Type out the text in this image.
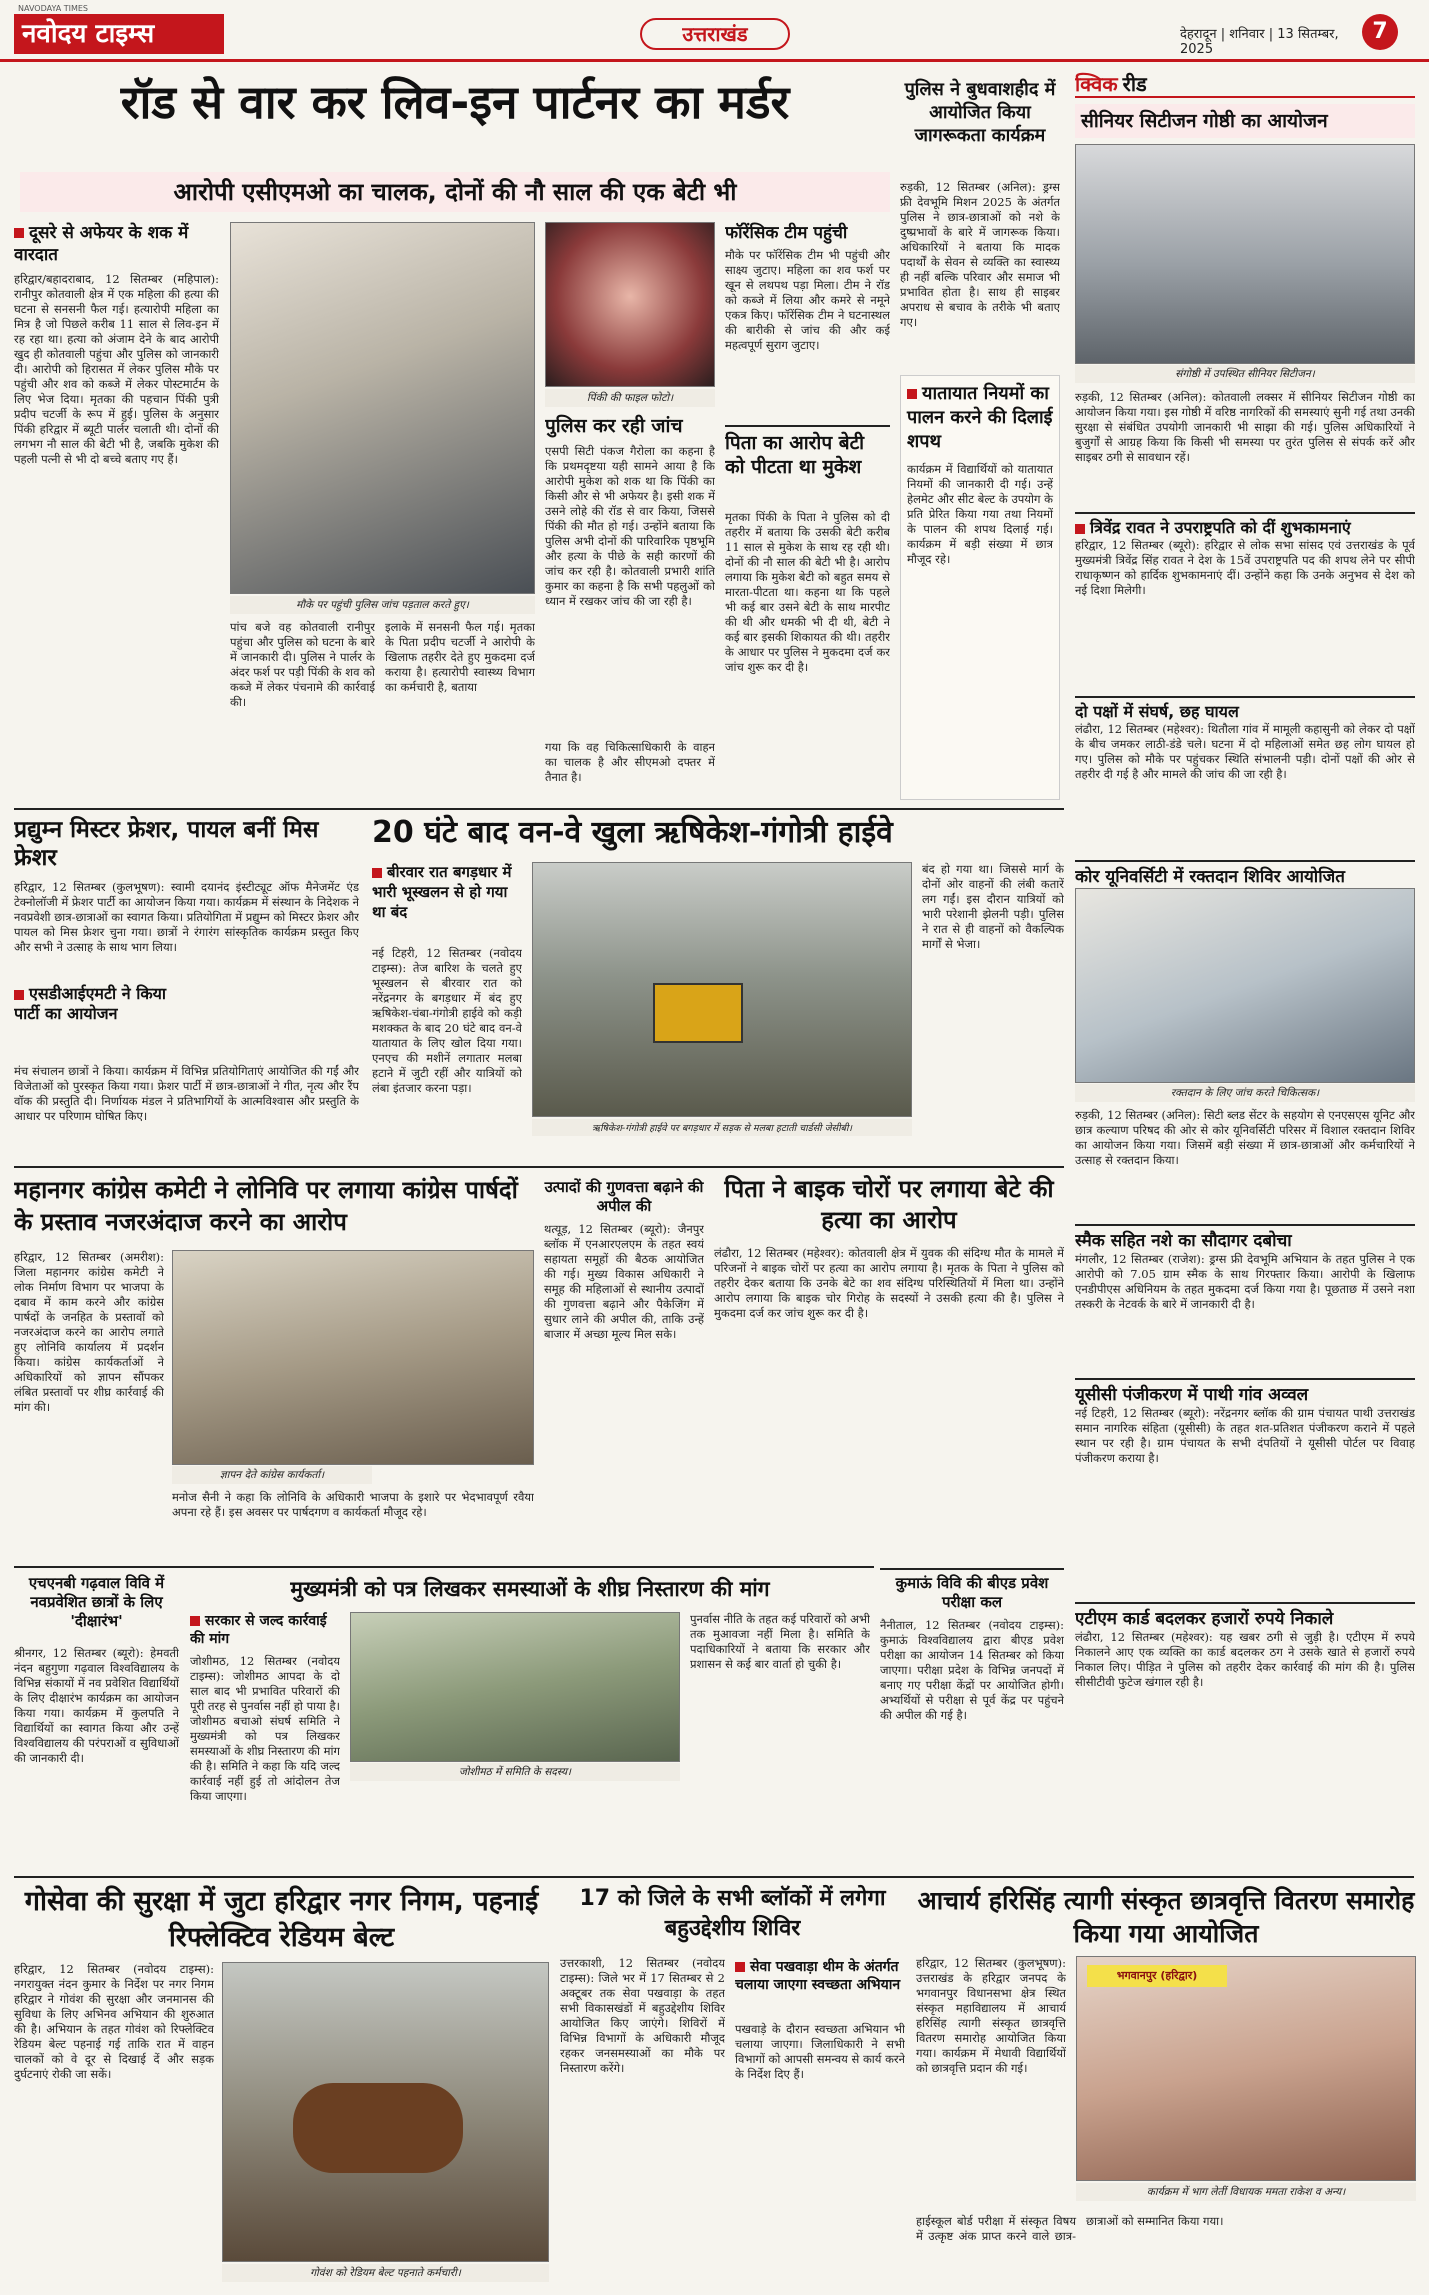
NAVODAYA TIMES
नवोदय टाइम्स	उत्तराखंड	देहरादून | शनिवार | 13 सितम्बर, 2025
7
रॉड से वार कर लिव-इन पार्टनर का मर्डर
आरोपी एसीएमओ का चालक, दोनों की नौ साल की एक बेटी भी
दूसरे से अफेयर के शक में वारदात
हरिद्वार/बहादराबाद, 12 सितम्बर (महिपाल): रानीपुर कोतवाली क्षेत्र में एक महिला की हत्या की घटना से सनसनी फैल गई। हत्यारोपी महिला का मित्र है जो पिछले करीब 11 साल से लिव-इन में रह रहा था। हत्या को अंजाम देने के बाद आरोपी खुद ही कोतवाली पहुंचा और पुलिस को जानकारी दी। आरोपी को हिरासत में लेकर पुलिस मौके पर पहुंची और शव को कब्जे में लेकर पोस्टमार्टम के लिए भेज दिया। मृतका की पहचान पिंकी पुत्री प्रदीप चटर्जी के रूप में हुई। पुलिस के अनुसार पिंकी हरिद्वार में ब्यूटी पार्लर चलाती थी। दोनों की लगभग नौ साल की बेटी भी है, जबकि मुकेश की पहली पत्नी से भी दो बच्चे बताए गए हैं।
मौके पर पहुंची पुलिस जांच पड़ताल करते हुए।
पांच बजे वह कोतवाली रानीपुर पहुंचा और पुलिस को घटना के बारे में जानकारी दी। पुलिस ने पार्लर के अंदर फर्श पर पड़ी पिंकी के शव को कब्जे में लेकर पंचनामे की कार्रवाई की।
इलाके में सनसनी फैल गई। मृतका के पिता प्रदीप चटर्जी ने आरोपी के खिलाफ तहरीर देते हुए मुकदमा दर्ज कराया है। हत्यारोपी स्वास्थ्य विभाग का कर्मचारी है, बताया
पिंकी की फाइल फोटो।
पुलिस कर रही जांच
एसपी सिटी पंकज गैरोला का कहना है कि प्रथमदृष्टया यही सामने आया है कि आरोपी मुकेश को शक था कि पिंकी का किसी और से भी अफेयर है। इसी शक में उसने लोहे की रॉड से वार किया, जिससे पिंकी की मौत हो गई। उन्होंने बताया कि पुलिस अभी दोनों की पारिवारिक पृष्ठभूमि और हत्या के पीछे के सही कारणों की जांच कर रही है। कोतवाली प्रभारी शांति कुमार का कहना है कि सभी पहलुओं को ध्यान में रखकर जांच की जा रही है।
गया कि वह चिकित्साधिकारी के वाहन का चालक है और सीएमओ दफ्तर में तैनात है।
फॉरेंसिक टीम पहुंची
मौके पर फॉरेंसिक टीम भी पहुंची और साक्ष्य जुटाए। महिला का शव फर्श पर खून से लथपथ पड़ा मिला। टीम ने रॉड को कब्जे में लिया और कमरे से नमूने एकत्र किए। फॉरेंसिक टीम ने घटनास्थल की बारीकी से जांच की और कई महत्वपूर्ण सुराग जुटाए।
पिता का आरोप बेटी को पीटता था मुकेश
मृतका पिंकी के पिता ने पुलिस को दी तहरीर में बताया कि उसकी बेटी करीब 11 साल से मुकेश के साथ रह रही थी। दोनों की नौ साल की बेटी भी है। आरोप लगाया कि मुकेश बेटी को बहुत समय से मारता-पीटता था। कहना था कि पहले भी कई बार उसने बेटी के साथ मारपीट की थी और धमकी भी दी थी, बेटी ने कई बार इसकी शिकायत की थी। तहरीर के आधार पर पुलिस ने मुकदमा दर्ज कर जांच शुरू कर दी है।
पुलिस ने बुधवाशहीद में आयोजित किया जागरूकता कार्यक्रम
रुड़की, 12 सितम्बर (अनिल): ड्रग्स फ्री देवभूमि मिशन 2025 के अंतर्गत पुलिस ने छात्र-छात्राओं को नशे के दुष्प्रभावों के बारे में जागरूक किया। अधिकारियों ने बताया कि मादक पदार्थों के सेवन से व्यक्ति का स्वास्थ्य ही नहीं बल्कि परिवार और समाज भी प्रभावित होता है। साथ ही साइबर अपराध से बचाव के तरीके भी बताए गए।
यातायात नियमों का पालन करने की दिलाई शपथ
कार्यक्रम में विद्यार्थियों को यातायात नियमों की जानकारी दी गई। उन्हें हेलमेट और सीट बेल्ट के उपयोग के प्रति प्रेरित किया गया तथा नियमों के पालन की शपथ दिलाई गई। कार्यक्रम में बड़ी संख्या में छात्र मौजूद रहे।
क्विक रीड
सीनियर सिटीजन गोष्ठी का आयोजन
संगोष्ठी में उपस्थित सीनियर सिटीजन।
रुड़की, 12 सितम्बर (अनिल): कोतवाली लक्सर में सीनियर सिटीजन गोष्ठी का आयोजन किया गया। इस गोष्ठी में वरिष्ठ नागरिकों की समस्याएं सुनी गई तथा उनकी सुरक्षा से संबंधित उपयोगी जानकारी भी साझा की गई। पुलिस अधिकारियों ने बुजुर्गों से आग्रह किया कि किसी भी समस्या पर तुरंत पुलिस से संपर्क करें और साइबर ठगी से सावधान रहें।
त्रिवेंद्र रावत ने उपराष्ट्रपति को दीं शुभकामनाएं
हरिद्वार, 12 सितम्बर (ब्यूरो): हरिद्वार से लोक सभा सांसद एवं उत्तराखंड के पूर्व मुख्यमंत्री त्रिवेंद्र सिंह रावत ने देश के 15वें उपराष्ट्रपति पद की शपथ लेने पर सीपी राधाकृष्णन को हार्दिक शुभकामनाएं दीं। उन्होंने कहा कि उनके अनुभव से देश को नई दिशा मिलेगी।
दो पक्षों में संघर्ष, छह घायल
लंढौरा, 12 सितम्बर (महेश्वर): थितौला गांव में मामूली कहासुनी को लेकर दो पक्षों के बीच जमकर लाठी-डंडे चले। घटना में दो महिलाओं समेत छह लोग घायल हो गए। पुलिस को मौके पर पहुंचकर स्थिति संभालनी पड़ी। दोनों पक्षों की ओर से तहरीर दी गई है और मामले की जांच की जा रही है।
कोर यूनिवर्सिटी में रक्तदान शिविर आयोजित
रक्तदान के लिए जांच करते चिकित्सक।
रुड़की, 12 सितम्बर (अनिल): सिटी ब्लड सेंटर के सहयोग से एनएसएस यूनिट और छात्र कल्याण परिषद की ओर से कोर यूनिवर्सिटी परिसर में विशाल रक्तदान शिविर का आयोजन किया गया। जिसमें बड़ी संख्या में छात्र-छात्राओं और कर्मचारियों ने उत्साह से रक्तदान किया।
स्मैक सहित नशे का सौदागर दबोचा
मंगलौर, 12 सितम्बर (राजेश): ड्रग्स फ्री देवभूमि अभियान के तहत पुलिस ने एक आरोपी को 7.05 ग्राम स्मैक के साथ गिरफ्तार किया। आरोपी के खिलाफ एनडीपीएस अधिनियम के तहत मुकदमा दर्ज किया गया है। पूछताछ में उसने नशा तस्करी के नेटवर्क के बारे में जानकारी दी है।
यूसीसी पंजीकरण में पाथी गांव अव्वल
नई टिहरी, 12 सितम्बर (ब्यूरो): नरेंद्रनगर ब्लॉक की ग्राम पंचायत पाथी उत्तराखंड समान नागरिक संहिता (यूसीसी) के तहत शत-प्रतिशत पंजीकरण कराने में पहले स्थान पर रही है। ग्राम पंचायत के सभी दंपतियों ने यूसीसी पोर्टल पर विवाह पंजीकरण कराया है।
एटीएम कार्ड बदलकर हजारों रुपये निकाले
लंढौरा, 12 सितम्बर (महेश्वर): यह खबर ठगी से जुड़ी है। एटीएम में रुपये निकालने आए एक व्यक्ति का कार्ड बदलकर ठग ने उसके खाते से हजारों रुपये निकाल लिए। पीड़ित ने पुलिस को तहरीर देकर कार्रवाई की मांग की है। पुलिस सीसीटीवी फुटेज खंगाल रही है।
प्रद्युम्न मिस्टर फ्रेशर, पायल बनीं मिस फ्रेशर
हरिद्वार, 12 सितम्बर (कुलभूषण): स्वामी दयानंद इंस्टीट्यूट ऑफ मैनेजमेंट एंड टेक्नोलॉजी में फ्रेशर पार्टी का आयोजन किया गया। कार्यक्रम में संस्थान के निदेशक ने नवप्रवेशी छात्र-छात्राओं का स्वागत किया। प्रतियोगिता में प्रद्युम्न को मिस्टर फ्रेशर और पायल को मिस फ्रेशर चुना गया। छात्रों ने रंगारंग सांस्कृतिक कार्यक्रम प्रस्तुत किए और सभी ने उत्साह के साथ भाग लिया।
एसडीआईएमटी ने किया पार्टी का आयोजन
मंच संचालन छात्रों ने किया। कार्यक्रम में विभिन्न प्रतियोगिताएं आयोजित की गईं और विजेताओं को पुरस्कृत किया गया। फ्रेशर पार्टी में छात्र-छात्राओं ने गीत, नृत्य और रैंप वॉक की प्रस्तुति दी। निर्णायक मंडल ने प्रतिभागियों के आत्मविश्वास और प्रस्तुति के आधार पर परिणाम घोषित किए।
20 घंटे बाद वन-वे खुला ऋषिकेश-गंगोत्री हाईवे
बीरवार रात बगड़धार में भारी भूस्खलन से हो गया था बंद
नई टिहरी, 12 सितम्बर (नवोदय टाइम्स): तेज बारिश के चलते हुए भूस्खलन से बीरवार रात को नरेंद्रनगर के बगड़धार में बंद हुए ऋषिकेश-चंबा-गंगोत्री हाईवे को कड़ी मशक्कत के बाद 20 घंटे बाद वन-वे यातायात के लिए खोल दिया गया। एनएच की मशीनें लगातार मलबा हटाने में जुटी रहीं और यात्रियों को लंबा इंतजार करना पड़ा।
ऋषिकेश-गंगोत्री हाईवे पर बगड़धार में सड़क से मलबा हटाती चार्डसी जेसीबी।
बंद हो गया था। जिससे मार्ग के दोनों ओर वाहनों की लंबी कतारें लग गईं। इस दौरान यात्रियों को भारी परेशानी झेलनी पड़ी। पुलिस ने रात से ही वाहनों को वैकल्पिक मार्गों से भेजा।
महानगर कांग्रेस कमेटी ने लोनिवि पर लगाया कांग्रेस पार्षदों के प्रस्ताव नजरअंदाज करने का आरोप
हरिद्वार, 12 सितम्बर (अमरीश): जिला महानगर कांग्रेस कमेटी ने लोक निर्माण विभाग पर भाजपा के दबाव में काम करने और कांग्रेस पार्षदों के जनहित के प्रस्तावों को नजरअंदाज करने का आरोप लगाते हुए लोनिवि कार्यालय में प्रदर्शन किया। कांग्रेस कार्यकर्ताओं ने अधिकारियों को ज्ञापन सौंपकर लंबित प्रस्तावों पर शीघ्र कार्रवाई की मांग की।
ज्ञापन देते कांग्रेस कार्यकर्ता।
मनोज सैनी ने कहा कि लोनिवि के अधिकारी भाजपा के इशारे पर भेदभावपूर्ण रवैया अपना रहे हैं। इस अवसर पर पार्षदगण व कार्यकर्ता मौजूद रहे।
उत्पादों की गुणवत्ता बढ़ाने की अपील की
थत्यूड़, 12 सितम्बर (ब्यूरो): जैनपुर ब्लॉक में एनआरएलएम के तहत स्वयं सहायता समूहों की बैठक आयोजित की गई। मुख्य विकास अधिकारी ने समूह की महिलाओं से स्थानीय उत्पादों की गुणवत्ता बढ़ाने और पैकेजिंग में सुधार लाने की अपील की, ताकि उन्हें बाजार में अच्छा मूल्य मिल सके।
पिता ने बाइक चोरों पर लगाया बेटे की हत्या का आरोप
लंढौरा, 12 सितम्बर (महेश्वर): कोतवाली क्षेत्र में युवक की संदिग्ध मौत के मामले में परिजनों ने बाइक चोरों पर हत्या का आरोप लगाया है। मृतक के पिता ने पुलिस को तहरीर देकर बताया कि उनके बेटे का शव संदिग्ध परिस्थितियों में मिला था। उन्होंने आरोप लगाया कि बाइक चोर गिरोह के सदस्यों ने उसकी हत्या की है। पुलिस ने मुकदमा दर्ज कर जांच शुरू कर दी है।
कुमाऊं विवि की बीएड प्रवेश परीक्षा कल
नैनीताल, 12 सितम्बर (नवोदय टाइम्स): कुमाऊं विश्वविद्यालय द्वारा बीएड प्रवेश परीक्षा का आयोजन 14 सितम्बर को किया जाएगा। परीक्षा प्रदेश के विभिन्न जनपदों में बनाए गए परीक्षा केंद्रों पर आयोजित होगी। अभ्यर्थियों से परीक्षा से पूर्व केंद्र पर पहुंचने की अपील की गई है।
एचएनबी गढ़वाल विवि में नवप्रवेशित छात्रों के लिए 'दीक्षारंभ'
श्रीनगर, 12 सितम्बर (ब्यूरो): हेमवती नंदन बहुगुणा गढ़वाल विश्वविद्यालय के विभिन्न संकायों में नव प्रवेशित विद्यार्थियों के लिए दीक्षारंभ कार्यक्रम का आयोजन किया गया। कार्यक्रम में कुलपति ने विद्यार्थियों का स्वागत किया और उन्हें विश्वविद्यालय की परंपराओं व सुविधाओं की जानकारी दी।
मुख्यमंत्री को पत्र लिखकर समस्याओं के शीघ्र निस्तारण की मांग
सरकार से जल्द कार्रवाई की मांग
जोशीमठ, 12 सितम्बर (नवोदय टाइम्स): जोशीमठ आपदा के दो साल बाद भी प्रभावित परिवारों की पूरी तरह से पुनर्वास नहीं हो पाया है। जोशीमठ बचाओ संघर्ष समिति ने मुख्यमंत्री को पत्र लिखकर समस्याओं के शीघ्र निस्तारण की मांग की है। समिति ने कहा कि यदि जल्द कार्रवाई नहीं हुई तो आंदोलन तेज किया जाएगा।
जोशीमठ में समिति के सदस्य।
पुनर्वास नीति के तहत कई परिवारों को अभी तक मुआवजा नहीं मिला है। समिति के पदाधिकारियों ने बताया कि सरकार और प्रशासन से कई बार वार्ता हो चुकी है।
गोसेवा की सुरक्षा में जुटा हरिद्वार नगर निगम, पहनाई रिफ्लेक्टिव रेडियम बेल्ट
हरिद्वार, 12 सितम्बर (नवोदय टाइम्स): नगरायुक्त नंदन कुमार के निर्देश पर नगर निगम हरिद्वार ने गोवंश की सुरक्षा और जनमानस की सुविधा के लिए अभिनव अभियान की शुरुआत की है। अभियान के तहत गोवंश को रिफ्लेक्टिव रेडियम बेल्ट पहनाई गई ताकि रात में वाहन चालकों को वे दूर से दिखाई दें और सड़क दुर्घटनाएं रोकी जा सकें।
गोवंश को रेडियम बेल्ट पहनाते कर्मचारी।
17 को जिले के सभी ब्लॉकों में लगेगा बहुउद्देशीय शिविर
उत्तरकाशी, 12 सितम्बर (नवोदय टाइम्स): जिले भर में 17 सितम्बर से 2 अक्टूबर तक सेवा पखवाड़ा के तहत सभी विकासखंडों में बहुउद्देशीय शिविर आयोजित किए जाएंगे। शिविरों में विभिन्न विभागों के अधिकारी मौजूद रहकर जनसमस्याओं का मौके पर निस्तारण करेंगे।
सेवा पखवाड़ा थीम के अंतर्गत चलाया जाएगा स्वच्छता अभियान
पखवाड़े के दौरान स्वच्छता अभियान भी चलाया जाएगा। जिलाधिकारी ने सभी विभागों को आपसी समन्वय से कार्य करने के निर्देश दिए हैं।
आचार्य हरिसिंह त्यागी संस्कृत छात्रवृत्ति वितरण समारोह किया गया आयोजित
हरिद्वार, 12 सितम्बर (कुलभूषण): उत्तराखंड के हरिद्वार जनपद के भगवानपुर विधानसभा क्षेत्र स्थित संस्कृत महाविद्यालय में आचार्य हरिसिंह त्यागी संस्कृत छात्रवृत्ति वितरण समारोह आयोजित किया गया। कार्यक्रम में मेधावी विद्यार्थियों को छात्रवृत्ति प्रदान की गई।
भगवानपुर (हरिद्वार)
कार्यक्रम में भाग लेतीं विधायक ममता राकेश व अन्य।
हाईस्कूल बोर्ड परीक्षा में संस्कृत विषय में उत्कृष्ट अंक प्राप्त करने वाले छात्र-छात्राओं को सम्मानित किया गया।
